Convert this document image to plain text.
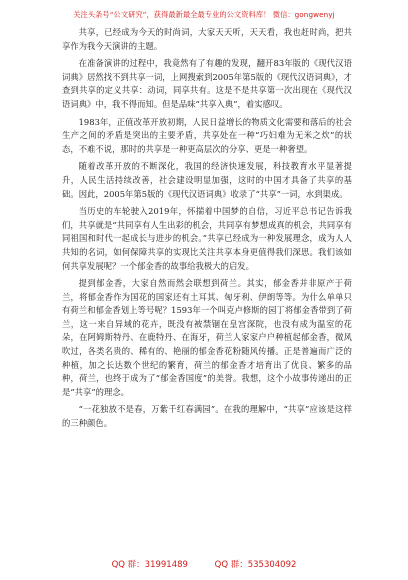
关注头条号“公文研究”，获得最新最全最专业的公文资料库！ 微信：gongwenyj

共享，已经成为今天的时尚词，大家天天听，天天看，我也赶时尚，把共享作为我今天演讲的主题。

在准备演讲的过程中，我竟然有了有趣的发现，翻开83年版的《现代汉语词典》居然找不到共享一词，上网搜索到2005年第5版的《现代汉语词典》，才查到共享的定义共享：动词，同享共有。这是不是共享第一次出现在《现代汉语词典》中，我不得而知。但是品味“共享入典”，着实感叹。

1983年，正值改革开放初期，人民日益增长的物质文化需要和落后的社会生产之间的矛盾是突出的主要矛盾，共享处在一种“巧妇难为无米之炊”的状态，不难不说，那时的共享是一种更高层次的分享、更是一种奢望。

随着改革开放的不断深化，我国的经济快速发展，科技教育水平显著提升，人民生活持续改善，社会建设明显加强，这时的中国才具备了共享的基础。因此，2005年第5版的《现代汉语词典》收录了“共享”一词，水到渠成。

当历史的车轮驶入2019年，怀揣着中国梦的自信，习近平总书记告诉我们，共享就是“共同享有人生出彩的机会，共同享有梦想成真的机会，共同享有同祖国和时代一起成长与进步的机会。”共享已经成为一种发展理念，成为人人共知的名词，如何保障共享的实现比关注共享本身更值得我们深思。我们该如何共享发展呢？一个郁金香的故事给我极大的启发。

提到郁金香，大家自然而然会联想到荷兰。其实，郁金香并非原产于荷兰，将郁金香作为国花的国家还有土耳其、匈牙利、伊朗等等。为什么单单只有荷兰和郁金香划上等号呢？1593年一个叫克卢修斯的园丁将郁金香带到了荷兰，这一来自异域的花卉，既没有被禁锢在皇宫深院，也没有成为温室的花朵，在阿姆斯特丹、在鹿特丹、在海牙，荷兰人家家户户种植起郁金香，微风吹过，各类名贵的、稀有的、艳丽的郁金香花粉随风传播。正是普遍而广泛的种植，加之长达数个世纪的繁育，荷兰的郁金香才培育出了优良、繁多的品种，荷兰，也终于成为了“郁金香国度”的美誉。我想，这个小故事传递出的正是“共享”的理念。

“一花独放不是春，万紫千红春满园”。在我的理解中，“共享”应该是这样的三种颜色。

QQ 群：31991489	QQ 群：535304092
